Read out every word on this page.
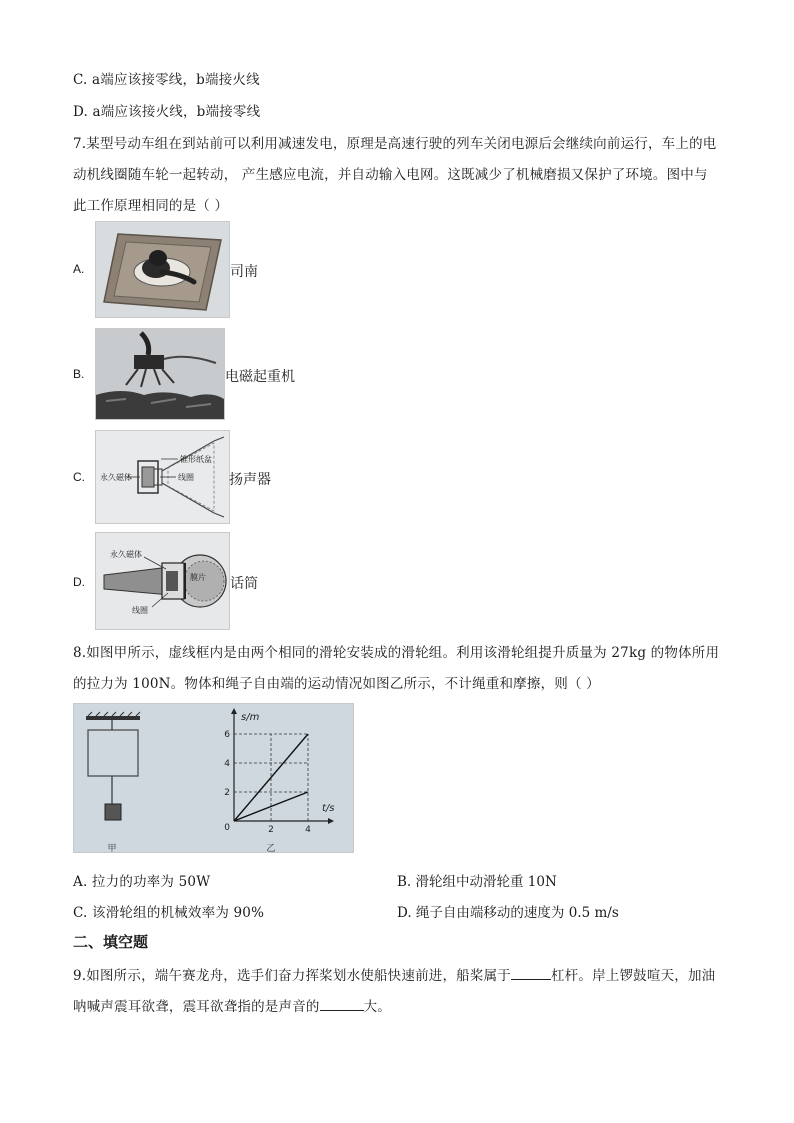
C. a端应该接零线，b端接火线
D. a端应该接火线，b端接零线
7.某型号动车组在到站前可以利用减速发电，原理是高速行驶的列车关闭电源后会继续向前运行，车上的电
动机线圈随车轮一起转动， 产生感应电流，并自动输入电网。这既减少了机械磨损又保护了环境。图中与
此工作原理相同的是（ ）
A.	司南
B.	电磁起重机
C.
锥形纸盆
永久磁体	线圈	扬声器
D.
永久磁体
膜片
线圈
话筒
8.如图甲所示，虚线框内是由两个相同的滑轮安装成的滑轮组。利用该滑轮组提升质量为 27kg 的物体所用
的拉力为 100N。物体和绳子自由端的运动情况如图乙所示，不计绳重和摩擦，则（ ）
甲	乙
s/m
t/s
0
2
4
6
2	4
A. 拉力的功率为 50W	B. 滑轮组中动滑轮重 10N
C. 该滑轮组的机械效率为 90%	D. 绳子自由端移动的速度为 0.5 m/s
二、填空题
9.如图所示，端午赛龙舟，选手们奋力挥桨划水使船快速前进，船桨属于	杠杆。岸上锣鼓喧天，加油
呐喊声震耳欲聋，震耳欲聋指的是声音的	大。
